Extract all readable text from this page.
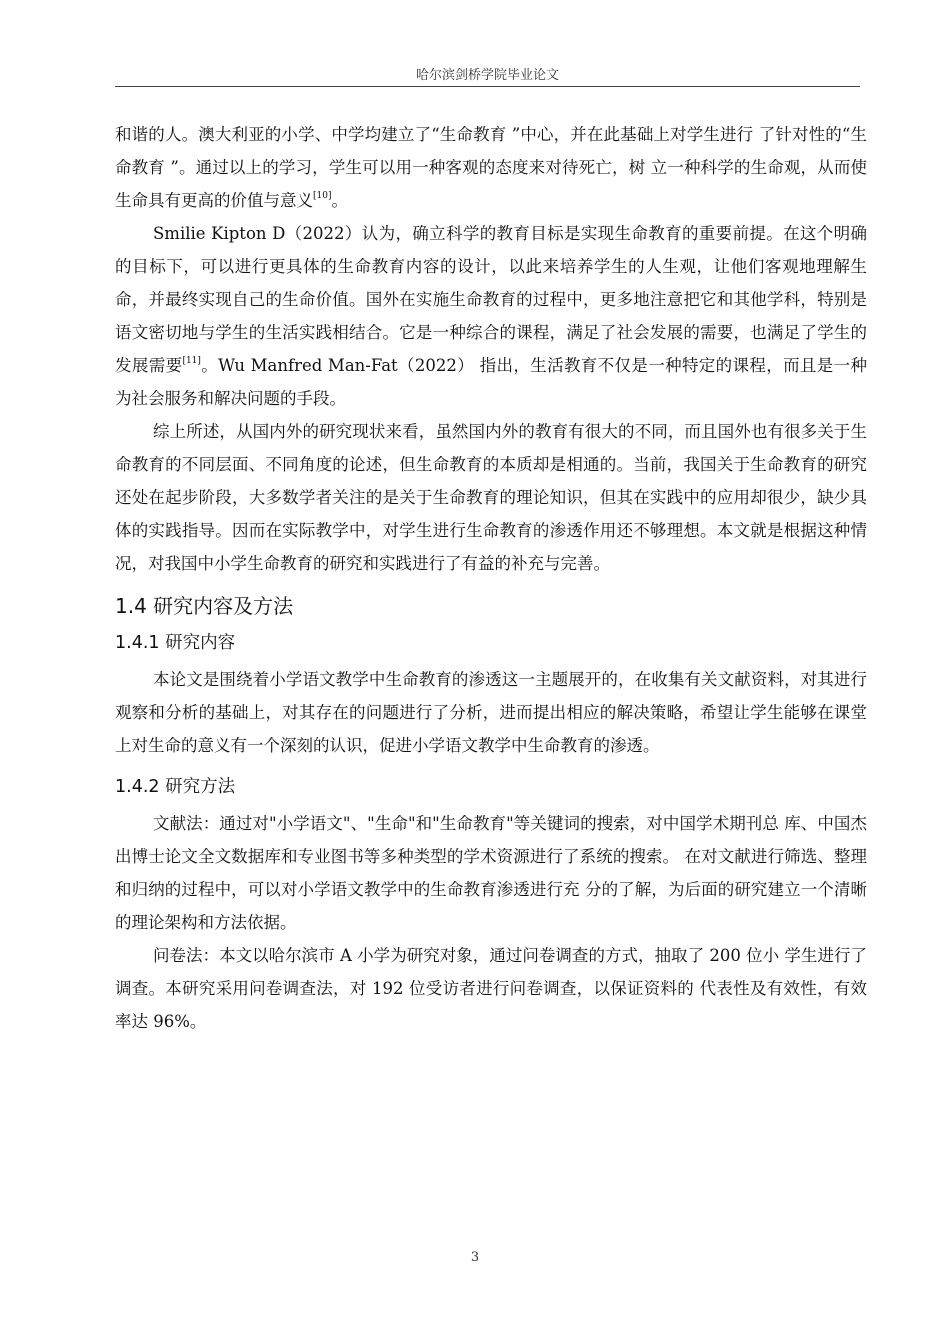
哈尔滨剑桥学院毕业论文

和谐的人。澳大利亚的小学、中学均建立了“生命教育 ”中心，并在此基础上对学生进行 了针对性的“生命教育 ”。通过以上的学习，学生可以用一种客观的态度来对待死亡，树 立一种科学的生命观，从而使生命具有更高的价值与意义[10]。

Smilie Kipton D（2022）认为，确立科学的教育目标是实现生命教育的重要前提。在这个明确的目标下，可以进行更具体的生命教育内容的设计，以此来培养学生的人生观，让他们客观地理解生命，并最终实现自己的生命价值。国外在实施生命教育的过程中，更多地注意把它和其他学科，特别是语文密切地与学生的生活实践相结合。它是一种综合的课程，满足了社会发展的需要，也满足了学生的发展需要[11]。Wu Manfred Man-Fat（2022） 指出，生活教育不仅是一种特定的课程，而且是一种为社会服务和解决问题的手段。

综上所述，从国内外的研究现状来看，虽然国内外的教育有很大的不同，而且国外也有很多关于生命教育的不同层面、不同角度的论述，但生命教育的本质却是相通的。当前，我国关于生命教育的研究还处在起步阶段，大多数学者关注的是关于生命教育的理论知识，但其在实践中的应用却很少，缺少具体的实践指导。因而在实际教学中，对学生进行生命教育的渗透作用还不够理想。本文就是根据这种情况，对我国中小学生命教育的研究和实践进行了有益的补充与完善。

1.4 研究内容及方法
1.4.1 研究内容

本论文是围绕着小学语文教学中生命教育的渗透这一主题展开的，在收集有关文献资料，对其进行观察和分析的基础上，对其存在的问题进行了分析，进而提出相应的解决策略，希望让学生能够在课堂上对生命的意义有一个深刻的认识，促进小学语文教学中生命教育的渗透。

1.4.2 研究方法

文献法：通过对"小学语文"、"生命"和"生命教育"等关键词的搜索，对中国学术期刊总 库、中国杰出博士论文全文数据库和专业图书等多种类型的学术资源进行了系统的搜索。 在对文献进行筛选、整理和归纳的过程中，可以对小学语文教学中的生命教育渗透进行充 分的了解，为后面的研究建立一个清晰的理论架构和方法依据。

问卷法：本文以哈尔滨市 A 小学为研究对象，通过问卷调查的方式，抽取了 200 位小 学生进行了调查。本研究采用问卷调查法，对 192 位受访者进行问卷调查，以保证资料的 代表性及有效性，有效率达 96%。

3
